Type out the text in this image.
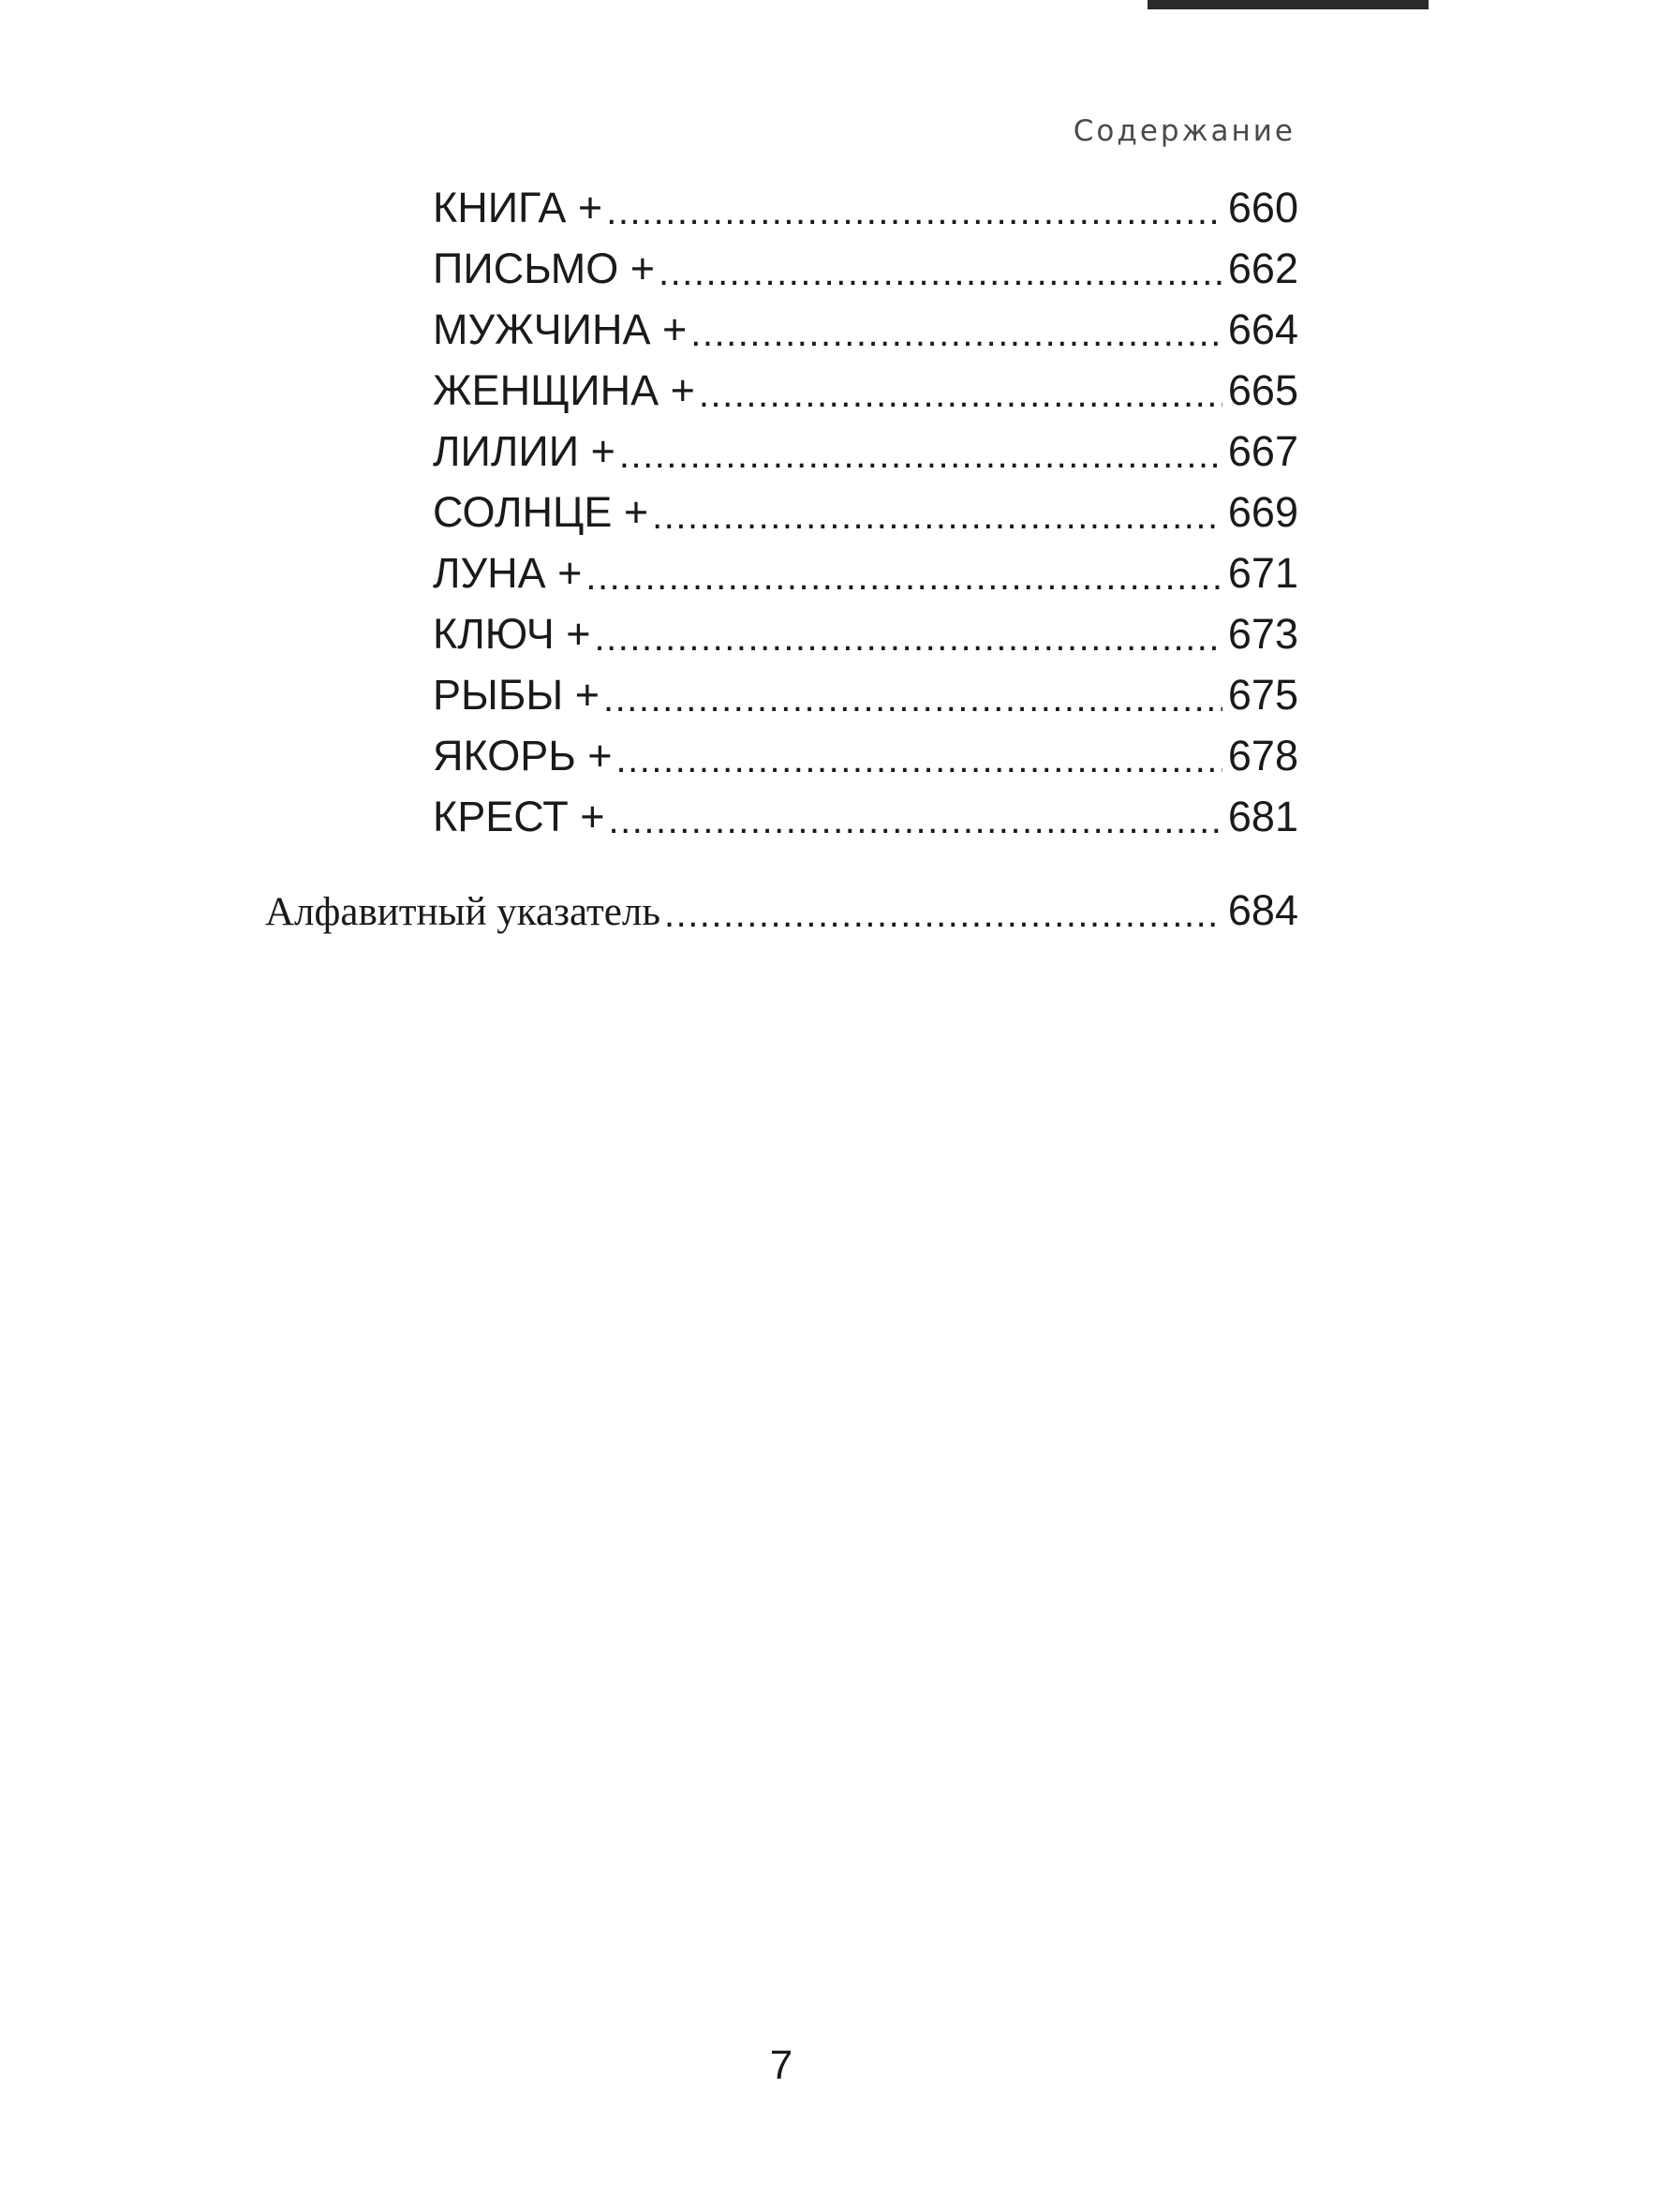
Содержание
КНИГА + .....	660
ПИСЬМО + .....	662
МУЖЧИНА + .....	664
ЖЕНЩИНА + .....	665
ЛИЛИИ + .....	667
СОЛНЦЕ + .....	669
ЛУНА + .....	671
КЛЮЧ + .....	673
РЫБЫ + .....	675
ЯКОРЬ + .....	678
КРЕСТ + .....	681
Алфавитный указатель .....	684
7
